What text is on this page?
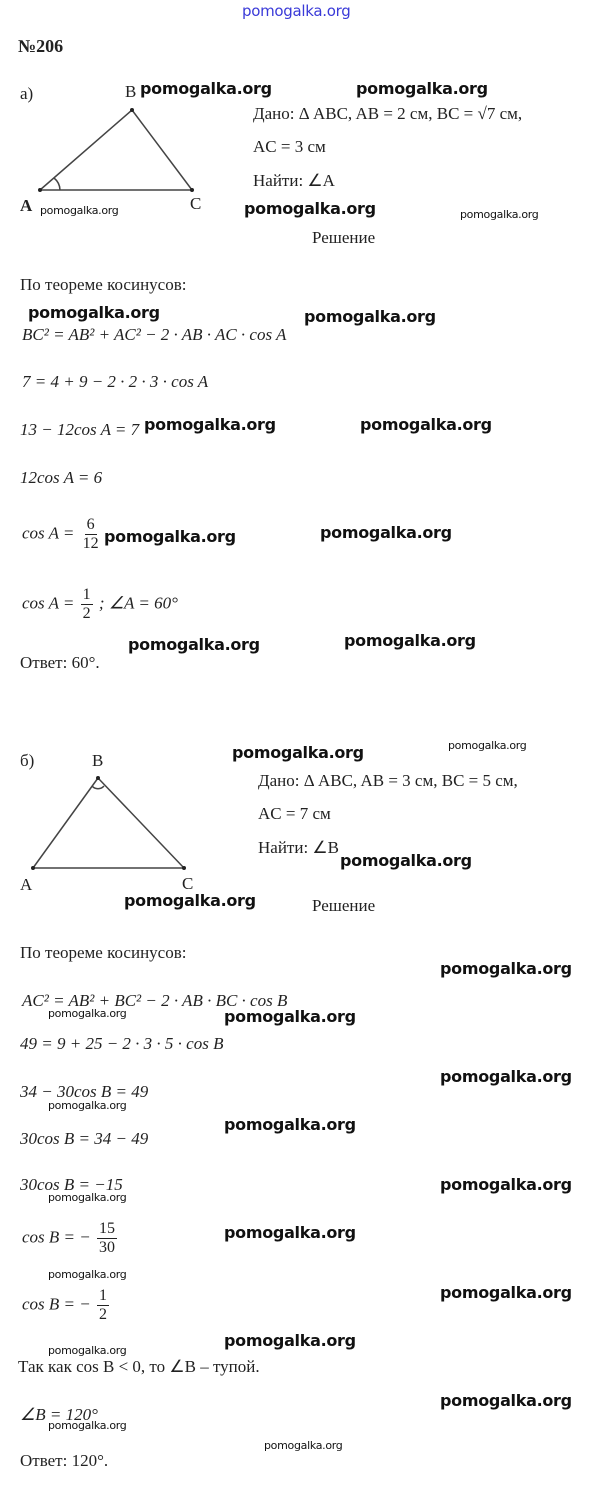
№206
а)	B
A	C
Дано: Δ ABC, AB = 2 см, BC = √7 см,
AC = 3 см
Найти: ∠A
Решение
По теореме косинусов:
BC² = AB² + AC² − 2 · AB · AC · cos A
7 = 4 + 9 − 2 · 2 · 3 · cos A
13 − 12cos A = 7
12cos A = 6
$\cos A = \frac{6}{12}$
$\cos A = \frac{1}{2}$ ; ∠A = 60°
Ответ: 60°.
б)	B
A	C
Дано: Δ ABC, AB = 3 см, BC = 5 см,
AC = 7 см
Найти: ∠B
Решение
По теореме косинусов:
AC² = AB² + BC² − 2 · AB · BC · cos B
49 = 9 + 25 − 2 · 3 · 5 · cos B
34 − 30cos B = 49
30cos B = 34 − 49
30cos B = −15
cos B = − $\frac{15}{30}$
cos B = − $\frac{1}{2}$
Так как cos B < 0, то ∠B – тупой.
∠B = 120°
Ответ: 120°.
pomogalka.org
pomogalka.org	pomogalka.org
pomogalka.org	pomogalka.org	pomogalka.org
pomogalka.org	pomogalka.org
pomogalka.org	pomogalka.org
pomogalka.org	pomogalka.org
pomogalka.org	pomogalka.org
pomogalka.org	pomogalka.org
pomogalka.org
pomogalka.org
pomogalka.org
pomogalka.org	pomogalka.org
pomogalka.org
pomogalka.org
pomogalka.org
pomogalka.org
pomogalka.org
pomogalka.org
pomogalka.org
pomogalka.org
pomogalka.org
pomogalka.org
pomogalka.org
pomogalka.org
pomogalka.org
